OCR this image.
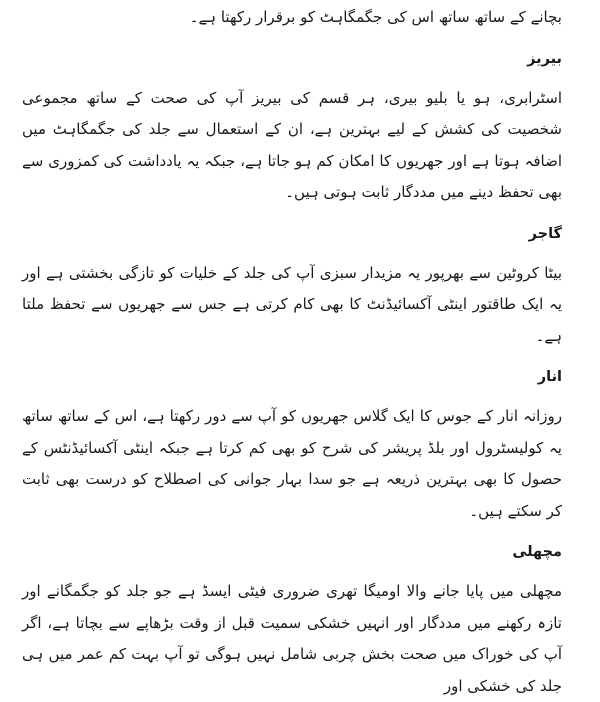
بچانے کے ساتھ ساتھ اس کی جگمگاہٹ کو برقرار رکھتا ہے۔

بیریز

اسٹرابری، ہو یا بلیو بیری، ہر قسم کی بیریز آپ کی صحت کے ساتھ مجموعی شخصیت کی کشش کے لیے بہترین ہے، ان کے استعمال سے جلد کی جگمگاہٹ میں اضافہ ہوتا ہے اور جھریوں کا امکان کم ہو جاتا ہے، جبکہ یہ یادداشت کی کمزوری سے بھی تحفظ دینے میں مددگار ثابت ہوتی ہیں۔

گاجر

بیٹا کروٹین سے بھرپور یہ مزیدار سبزی آپ کی جلد کے خلیات کو تازگی بخشتی ہے اور یہ ایک طاقتور اینٹی آکسائیڈنٹ کا بھی کام کرتی ہے جس سے جھریوں سے تحفظ ملتا ہے۔

انار

روزانہ انار کے جوس کا ایک گلاس جھریوں کو آپ سے دور رکھتا ہے، اس کے ساتھ ساتھ یہ کولیسٹرول اور بلڈ پریشر کی شرح کو بھی کم کرتا ہے جبکہ اینٹی آکسائیڈنٹس کے حصول کا بھی بہترین ذریعہ ہے جو سدا بہار جوانی کی اصطلاح کو درست بھی ثابت کر سکتے ہیں۔

مچھلی

مچھلی میں پایا جانے والا اومیگا تھری ضروری فیٹی ایسڈ ہے جو جلد کو جگمگانے اور تازہ رکھنے میں مددگار اور انہیں خشکی سمیت قبل از وقت بڑھاپے سے بچاتا ہے، اگر آپ کی خوراک میں صحت بخش چربی شامل نہیں ہوگی تو آپ بہت کم عمر میں ہی جلد کی خشکی اور
